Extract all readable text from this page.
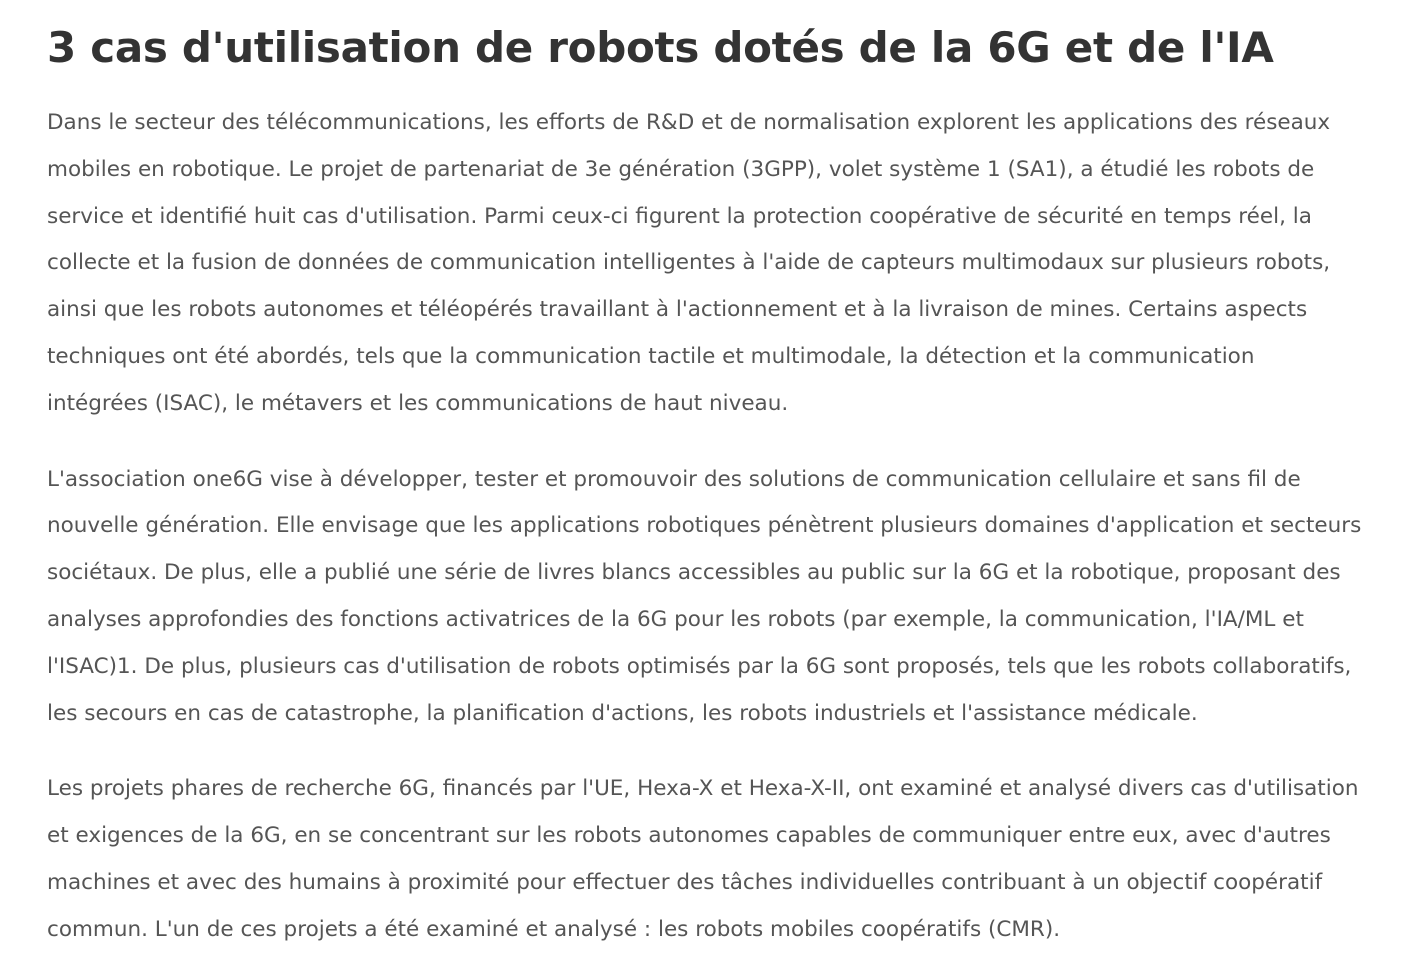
3 cas d'utilisation de robots dotés de la 6G et de l'IA

Dans le secteur des télécommunications, les efforts de R&D et de normalisation explorent les applications des réseaux
mobiles en robotique. Le projet de partenariat de 3e génération (3GPP), volet système 1 (SA1), a étudié les robots de
service et identifié huit cas d'utilisation. Parmi ceux-ci figurent la protection coopérative de sécurité en temps réel, la
collecte et la fusion de données de communication intelligentes à l'aide de capteurs multimodaux sur plusieurs robots,
ainsi que les robots autonomes et téléopérés travaillant à l'actionnement et à la livraison de mines. Certains aspects
techniques ont été abordés, tels que la communication tactile et multimodale, la détection et la communication
intégrées (ISAC), le métavers et les communications de haut niveau.

L'association one6G vise à développer, tester et promouvoir des solutions de communication cellulaire et sans fil de
nouvelle génération. Elle envisage que les applications robotiques pénètrent plusieurs domaines d'application et secteurs
sociétaux. De plus, elle a publié une série de livres blancs accessibles au public sur la 6G et la robotique, proposant des
analyses approfondies des fonctions activatrices de la 6G pour les robots (par exemple, la communication, l'IA/ML et
l'ISAC)1. De plus, plusieurs cas d'utilisation de robots optimisés par la 6G sont proposés, tels que les robots collaboratifs,
les secours en cas de catastrophe, la planification d'actions, les robots industriels et l'assistance médicale.

Les projets phares de recherche 6G, financés par l'UE, Hexa-X et Hexa-X-II, ont examiné et analysé divers cas d'utilisation
et exigences de la 6G, en se concentrant sur les robots autonomes capables de communiquer entre eux, avec d'autres
machines et avec des humains à proximité pour effectuer des tâches individuelles contribuant à un objectif coopératif
commun. L'un de ces projets a été examiné et analysé : les robots mobiles coopératifs (CMR).
